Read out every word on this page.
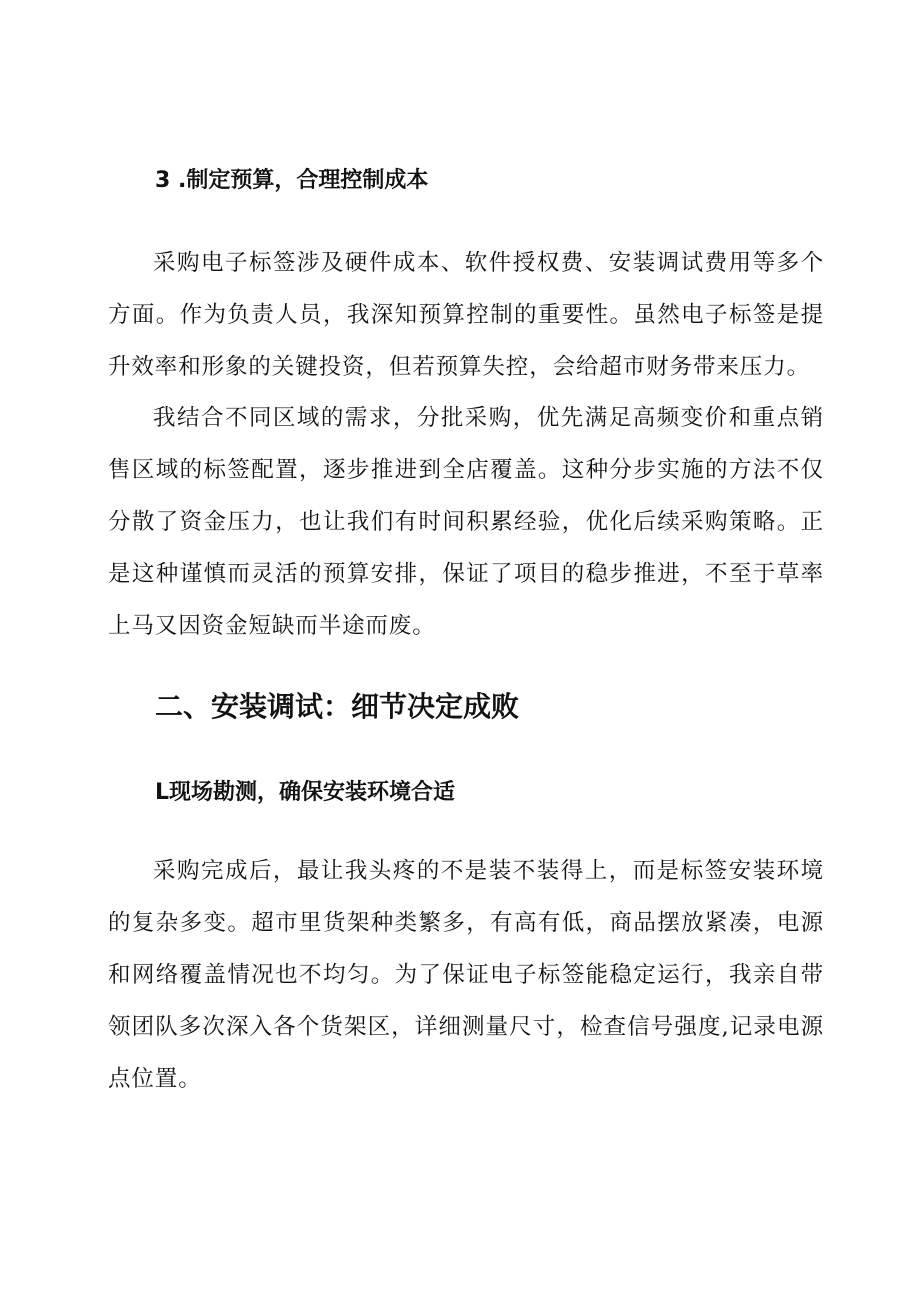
3 .制定预算，合理控制成本

采购电子标签涉及硬件成本、软件授权费、安装调试费用等多个方面。作为负责人员，我深知预算控制的重要性。虽然电子标签是提升效率和形象的关键投资，但若预算失控，会给超市财务带来压力。

我结合不同区域的需求，分批采购，优先满足高频变价和重点销售区域的标签配置，逐步推进到全店覆盖。这种分步实施的方法不仅分散了资金压力，也让我们有时间积累经验，优化后续采购策略。正是这种谨慎而灵活的预算安排，保证了项目的稳步推进，不至于草率上马又因资金短缺而半途而废。

二、安装调试：细节决定成败
L现场勘测，确保安装环境合适

采购完成后，最让我头疼的不是装不装得上，而是标签安装环境的复杂多变。超市里货架种类繁多，有高有低，商品摆放紧凑，电源和网络覆盖情况也不均匀。为了保证电子标签能稳定运行，我亲自带领团队多次深入各个货架区，详细测量尺寸，检查信号强度,记录电源点位置。
